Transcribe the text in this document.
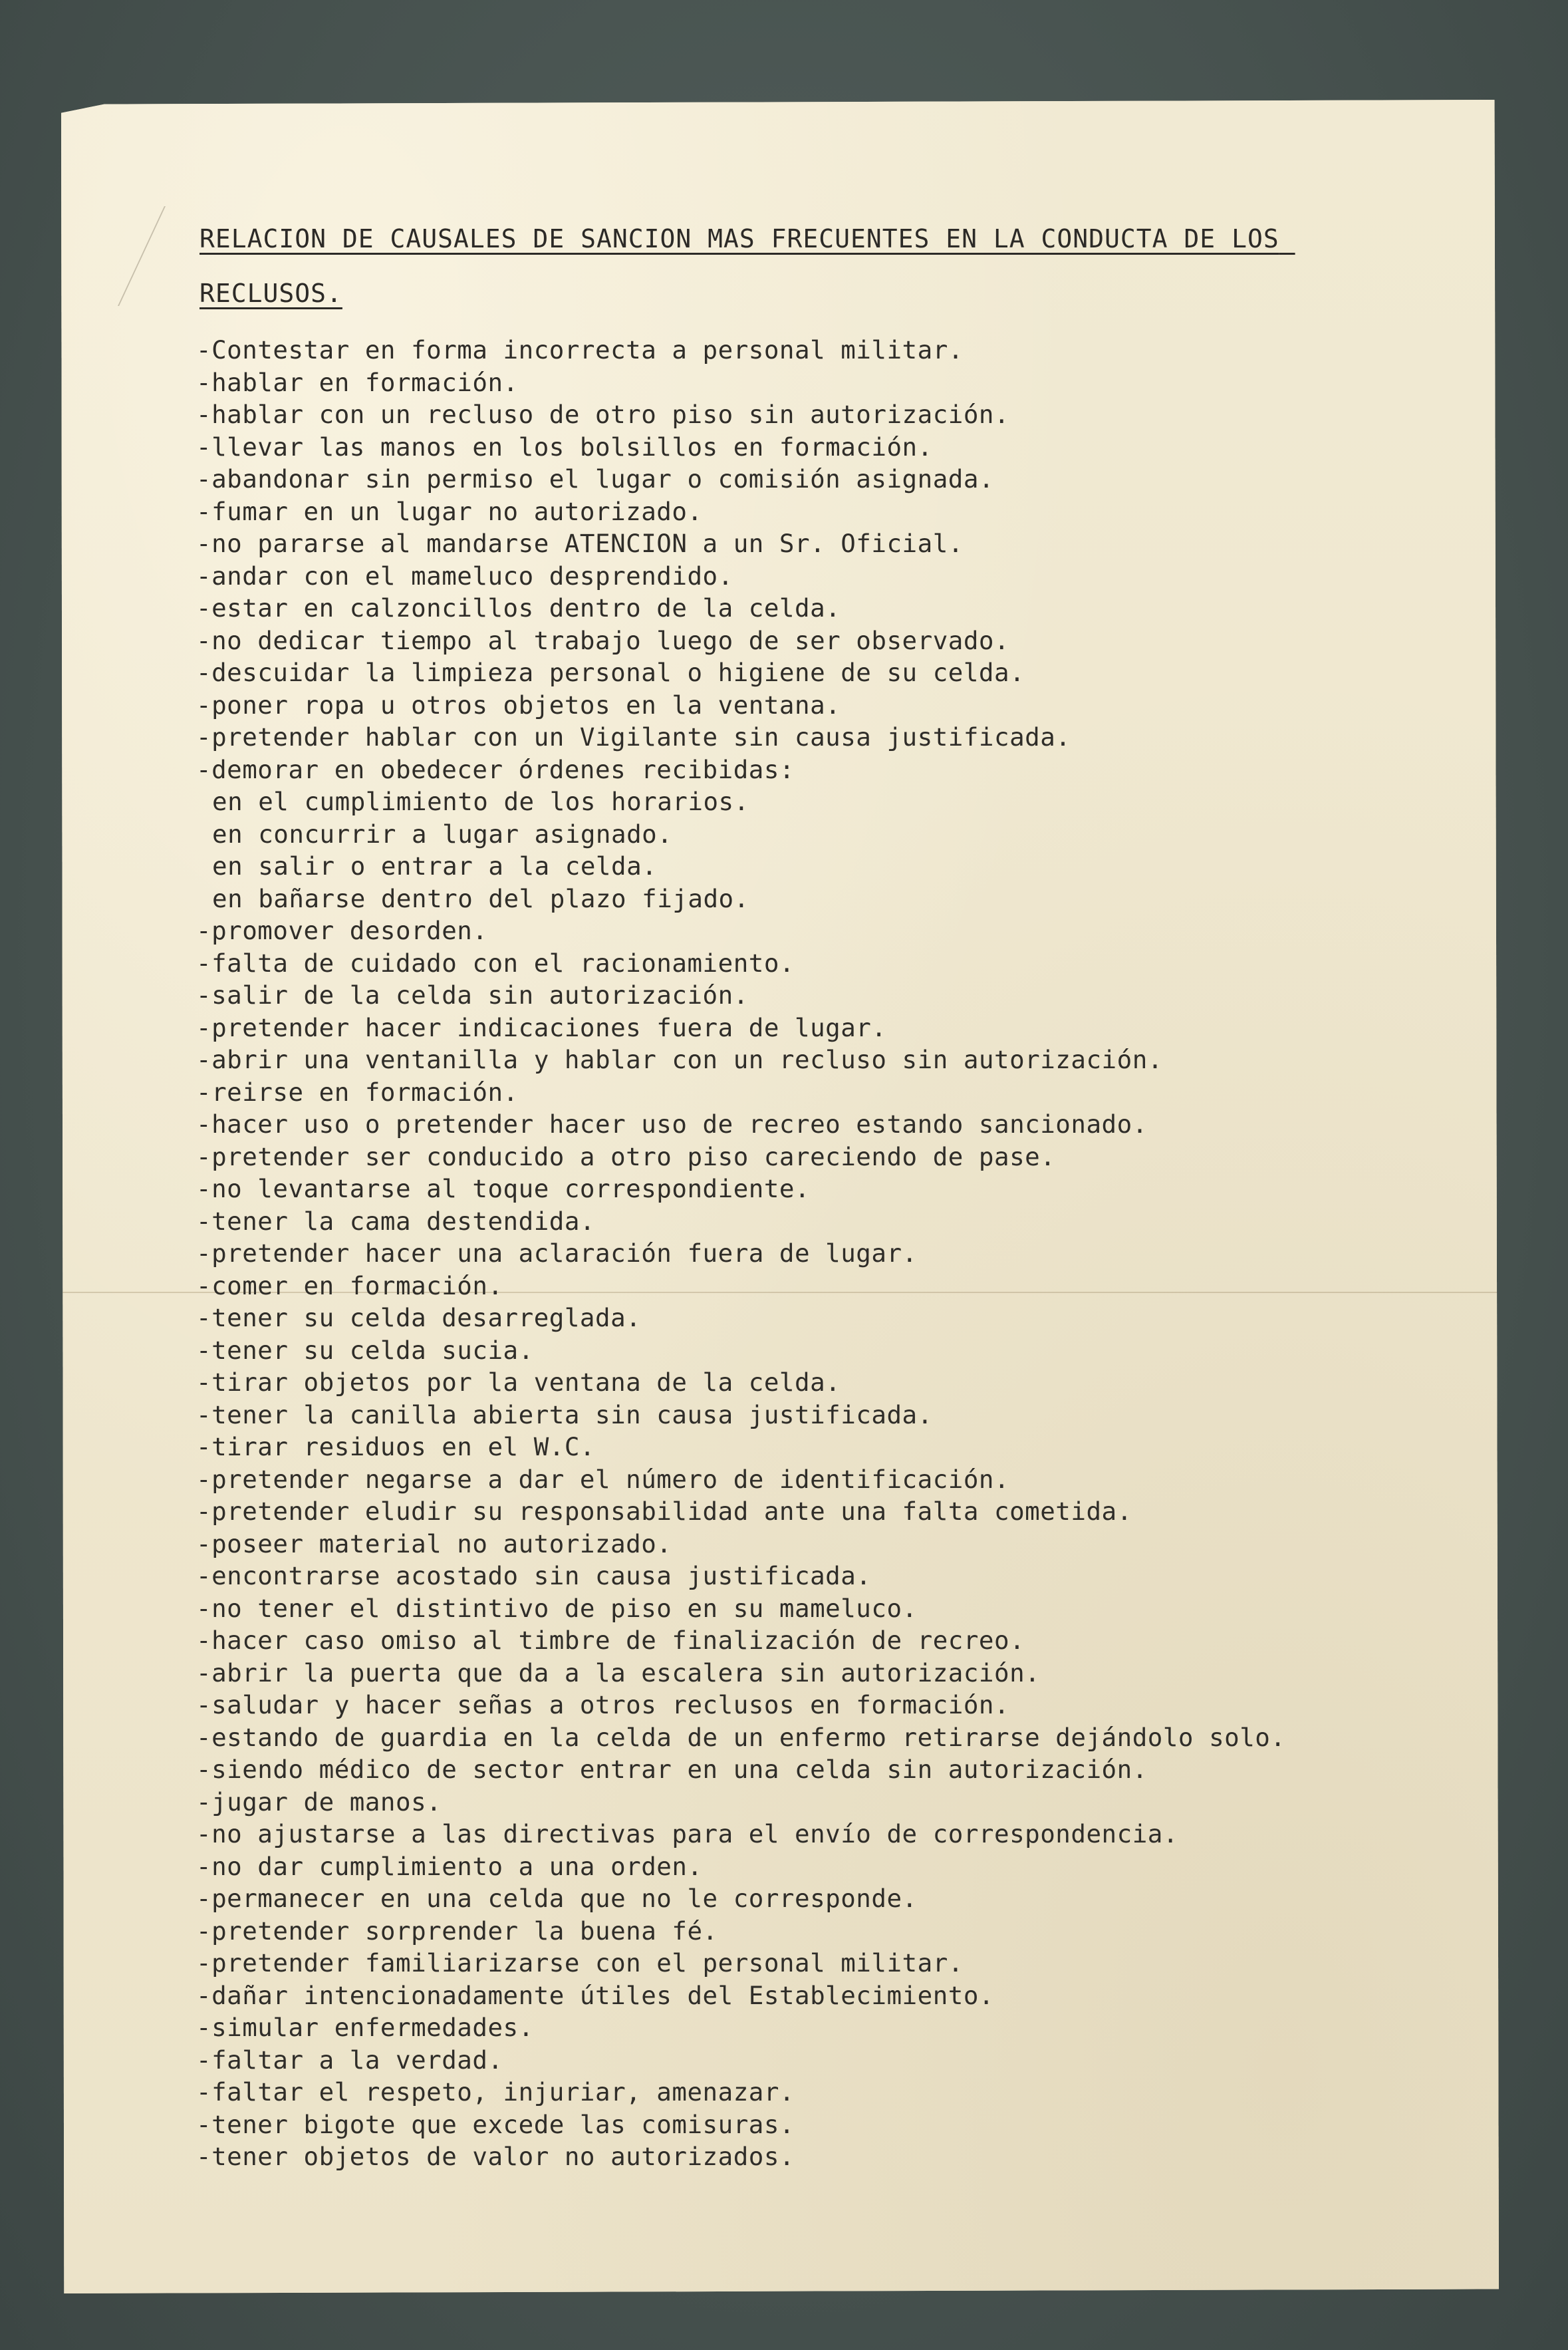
RELACION DE CAUSALES DE SANCION MAS FRECUENTES EN LA CONDUCTA DE LOS RECLUSOS.
-Contestar en forma incorrecta a personal militar.
-hablar en formación.
-hablar con un recluso de otro piso sin autorización.
-llevar las manos en los bolsillos en formación.
-abandonar sin permiso el lugar o comisión asignada.
-fumar en un lugar no autorizado.
-no pararse al mandarse ATENCION a un Sr. Oficial.
-andar con el mameluco desprendido.
-estar en calzoncillos dentro de la celda.
-no dedicar tiempo al trabajo luego de ser observado.
-descuidar la limpieza personal o higiene de su celda.
-poner ropa u otros objetos en la ventana.
-pretender hablar con un Vigilante sin causa justificada.
-demorar en obedecer órdenes recibidas:
en el cumplimiento de los horarios.
en concurrir a lugar asignado.
en salir o entrar a la celda.
en bañarse dentro del plazo fijado.
-promover desorden.
-falta de cuidado con el racionamiento.
-salir de la celda sin autorización.
-pretender hacer indicaciones fuera de lugar.
-abrir una ventanilla y hablar con un recluso sin autorización.
-reirse en formación.
-hacer uso o pretender hacer uso de recreo estando sancionado.
-pretender ser conducido a otro piso careciendo de pase.
-no levantarse al toque correspondiente.
-tener la cama destendida.
-pretender hacer una aclaración fuera de lugar.
-comer en formación.
-tener su celda desarreglada.
-tener su celda sucia.
-tirar objetos por la ventana de la celda.
-tener la canilla abierta sin causa justificada.
-tirar residuos en el W.C.
-pretender negarse a dar el número de identificación.
-pretender eludir su responsabilidad ante una falta cometida.
-poseer material no autorizado.
-encontrarse acostado sin causa justificada.
-no tener el distintivo de piso en su mameluco.
-hacer caso omiso al timbre de finalización de recreo.
-abrir la puerta que da a la escalera sin autorización.
-saludar y hacer señas a otros reclusos en formación.
-estando de guardia en la celda de un enfermo retirarse dejándolo solo.
-siendo médico de sector entrar en una celda sin autorización.
-jugar de manos.
-no ajustarse a las directivas para el envío de correspondencia.
-no dar cumplimiento a una orden.
-permanecer en una celda que no le corresponde.
-pretender sorprender la buena fé.
-pretender familiarizarse con el personal militar.
-dañar intencionadamente útiles del Establecimiento.
-simular enfermedades.
-faltar a la verdad.
-faltar el respeto, injuriar, amenazar.
-tener bigote que excede las comisuras.
-tener objetos de valor no autorizados.
